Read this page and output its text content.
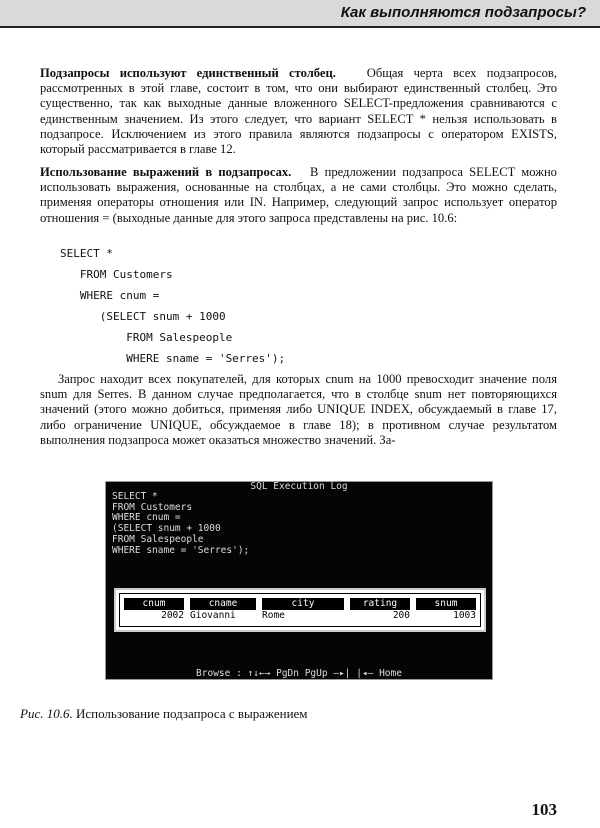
Как выполняются подзапросы?
Подзапросы используют единственный столбец. Общая черта всех подзапросов, рассмотренных в этой главе, состоит в том, что они выбирают единственный столбец. Это существенно, так как выходные данные вложенного SELECT-предложения сравниваются с единственным значением. Из этого следует, что вариант SELECT * нельзя использовать в подзапросе. Исключением из этого правила являются подзапросы с оператором EXISTS, который рассматривается в главе 12.
Использование выражений в подзапросах. В предложении подзапроса SELECT можно использовать выражения, основанные на столбцах, а не сами столбцы. Это можно сделать, применяя операторы отношения или IN. Например, следующий запрос использует оператор отношения = (выходные данные для этого запроса представлены на рис. 10.6:
SELECT *
FROM Customers
WHERE cnum =
(SELECT snum + 1000
FROM Salespeople
WHERE sname = 'Serres');
Запрос находит всех покупателей, для которых cnum на 1000 превосходит значение поля snum для Serres. В данном случае предполагается, что в столбце snum нет повторяющихся значений (этого можно добиться, применяя либо UNIQUE INDEX, обсуждаемый в главе 17, либо ограничение UNIQUE, обсуждаемое в главе 18); в противном случае результатом выполнения подзапроса может оказаться множество значений. За-
SQL Execution Log
SELECT *
FROM Customers
WHERE cnum =
(SELECT snum + 1000
FROM Salespeople
WHERE sname = 'Serres');
cnum	cname	city	rating	snum
2002 Giovanni	Rome	200	1003
Browse : ↑↓←→ PgDn PgUp —▸| |◂— Home
Рис. 10.6. Использование подзапроса с выражением
103
